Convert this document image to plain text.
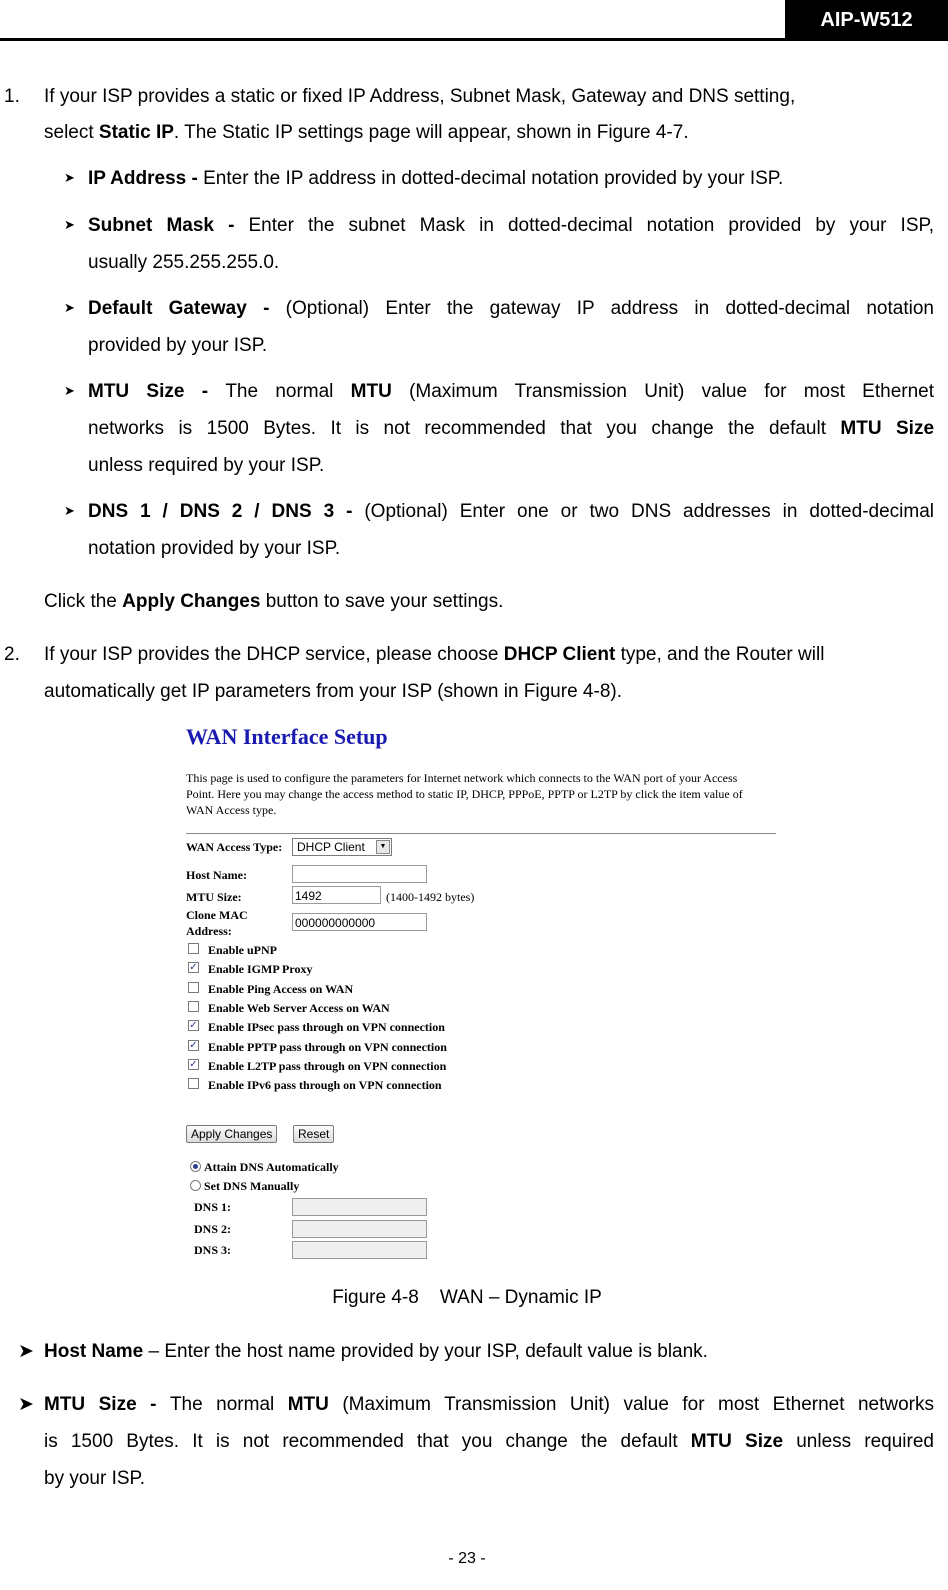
AIP-W512

1. If your ISP provides a static or fixed IP Address, Subnet Mask, Gateway and DNS setting,

select Static IP. The Static IP settings page will appear, shown in Figure 4-7.

➤ IP Address - Enter the IP address in dotted-decimal notation provided by your ISP.

➤ Subnet Mask - Enter the subnet Mask in dotted-decimal notation provided by your ISP,

usually 255.255.255.0.

➤ Default Gateway - (Optional) Enter the gateway IP address in dotted-decimal notation

provided by your ISP.

➤ MTU Size - The normal MTU (Maximum Transmission Unit) value for most Ethernet

networks is 1500 Bytes. It is not recommended that you change the default MTU Size

unless required by your ISP.

➤ DNS 1 / DNS 2 / DNS 3 - (Optional) Enter one or two DNS addresses in dotted-decimal

notation provided by your ISP.

Click the Apply Changes button to save your settings.

2. If your ISP provides the DHCP service, please choose DHCP Client type, and the Router will

automatically get IP parameters from your ISP (shown in Figure 4-8).

WAN Interface Setup
This page is used to configure the parameters for Internet network which connects to the WAN port of your Access Point. Here you may change the access method to static IP, DHCP, PPPoE, PPTP or L2TP by click the item value of WAN Access type.
WAN Access Type:	DHCP Client	▼
Host Name:
MTU Size:	1492	(1400-1492 bytes)
Clone MAC
Address:
000000000000
Enable uPNP
✓ Enable IGMP Proxy
Enable Ping Access on WAN
Enable Web Server Access on WAN
✓ Enable IPsec pass through on VPN connection
✓ Enable PPTP pass through on VPN connection
✓ Enable L2TP pass through on VPN connection
Enable IPv6 pass through on VPN connection
Apply Changes	Reset
Attain DNS Automatically
Set DNS Manually
DNS 1:
DNS 2:
DNS 3:
Figure 4-8    WAN – Dynamic IP
➤ Host Name – Enter the host name provided by your ISP, default value is blank.

➤ MTU Size - The normal MTU (Maximum Transmission Unit) value for most Ethernet networks

is 1500 Bytes. It is not recommended that you change the default MTU Size unless required

by your ISP.

- 23 -
